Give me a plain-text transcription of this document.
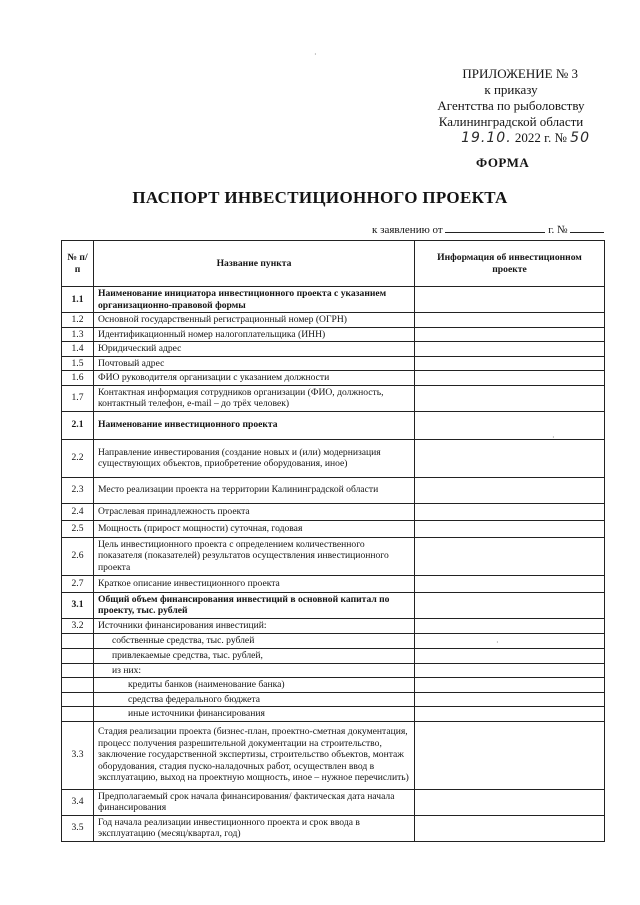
ПРИЛОЖЕНИЕ № 3
к приказу
Агентства по рыболовству
Калининградской области
19.10. 2022 г. № 50
ФОРМА
ПАСПОРТ ИНВЕСТИЦИОННОГО ПРОЕКТА
к заявлению от	г. №
№ п/п	Название пункта	Информация об инвестиционном проекте
1.1	Наименование инициатора инвестиционного проекта с указанием организационно-правовой формы	
1.2	Основной государственный регистрационный номер (ОГРН)	
1.3	Идентификационный номер налогоплательщика (ИНН)	
1.4	Юридический адрес	
1.5	Почтовый адрес	
1.6	ФИО руководителя организации с указанием должности	
1.7	Контактная информация сотрудников организации (ФИО, должность, контактный телефон, e-mail – до трёх человек)	
2.1	Наименование инвестиционного проекта	
2.2	Направление инвестирования (создание новых и (или) модернизация существующих объектов, приобретение оборудования, иное)	
2.3	Место реализации проекта на территории Калининградской области	
2.4	Отраслевая принадлежность проекта	
2.5	Мощность (прирост мощности) суточная, годовая	
2.6	Цель инвестиционного проекта с определением количественного показателя (показателей) результатов осуществления инвестиционного проекта	
2.7	Краткое описание инвестиционного проекта	
3.1	Общий объем финансирования инвестиций в основной капитал по проекту, тыс. рублей	
3.2	Источники финансирования инвестиций:	
	собственные средства, тыс. рублей	
	привлекаемые средства, тыс. рублей,	
	из них:	
	кредиты банков (наименование банка)	
	средства федерального бюджета	
	иные источники финансирования	
3.3	Стадия реализации проекта (бизнес-план, проектно-сметная документация, процесс получения разрешительной документации на строительство, заключение государственной экспертизы, строительство объектов, монтаж оборудования, стадия пуско-наладочных работ, осуществлен ввод в эксплуатацию, выход на проектную мощность, иное – нужное перечислить)	
3.4	Предполагаемый срок начала финансирования/ фактическая дата начала финансирования	
3.5	Год начала реализации инвестиционного проекта и срок ввода в эксплуатацию (месяц/квартал, год)	
·
·
·
